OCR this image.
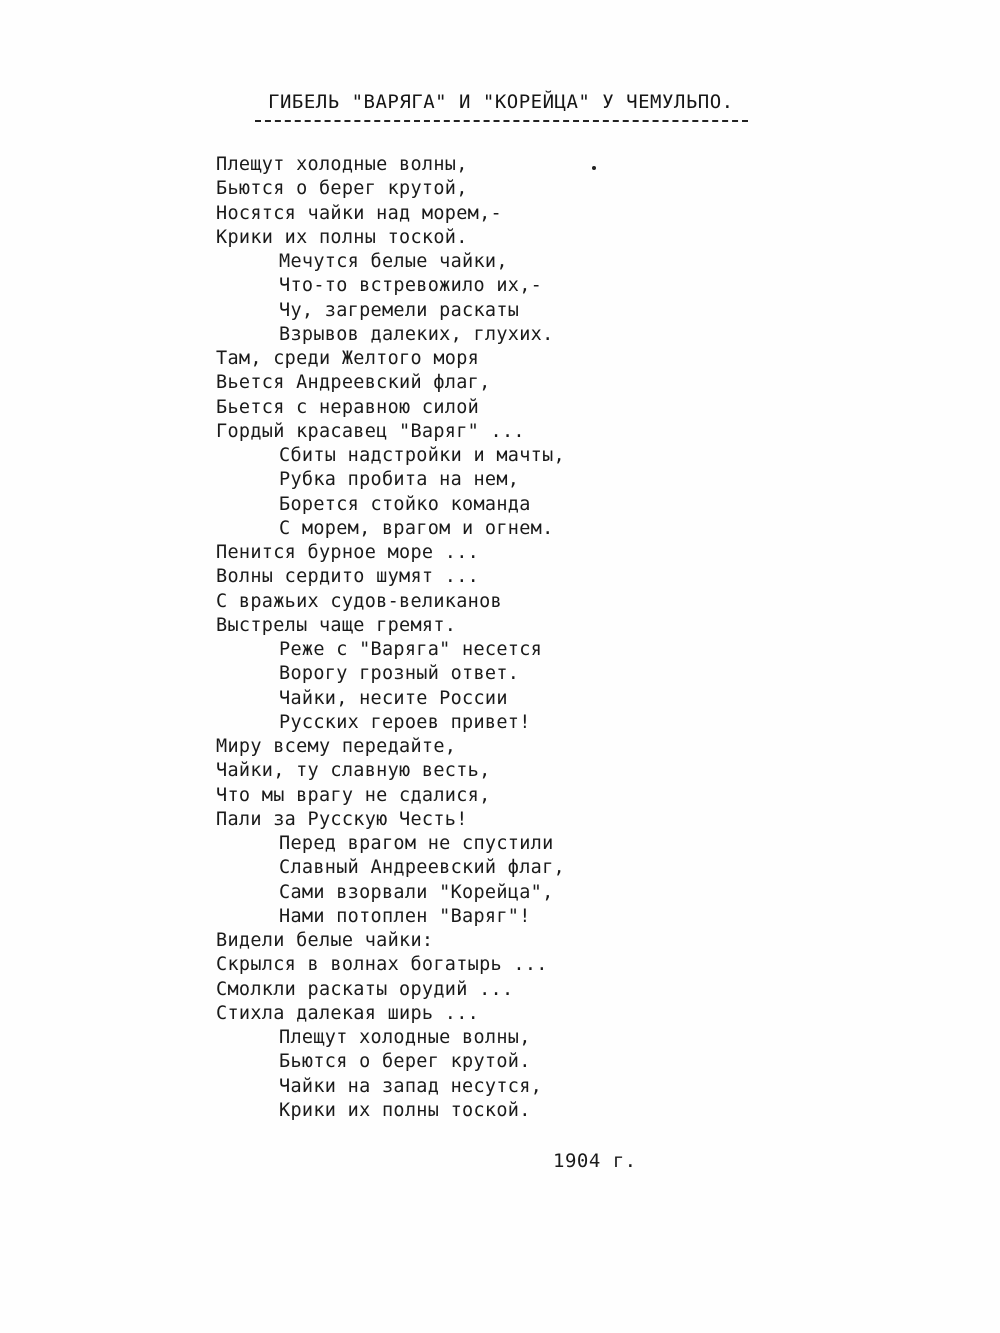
ГИБЕЛЬ "ВАРЯГА" И "КОРЕЙЦА" У ЧЕМУЛЬПО.
Плещут холодные волны,
Бьются о берег крутой,
Носятся чайки над морем,-
Крики их полны тоской.
Мечутся белые чайки,
Что-то встревожило их,-
Чу, загремели раскаты
Взрывов далеких, глухих.
Там, среди Желтого моря
Вьется Андреевский флаг,
Бьется с неравною силой
Гордый красавец "Варяг" ...
Сбиты надстройки и мачты,
Рубка пробита на нем,
Борется стойко команда
С морем, врагом и огнем.
Пенится бурное море ...
Волны сердито шумят ...
С вражьих судов-великанов
Выстрелы чаще гремят.
Реже с "Варяга" несется
Ворогу грозный ответ.
Чайки, несите России
Русских героев привет!
Миру всему передайте,
Чайки, ту славную весть,
Что мы врагу не сдалися,
Пали за Русскую Честь!
Перед врагом не спустили
Славный Андреевский флаг,
Сами взорвали "Корейца",
Нами потоплен "Варяг"!
Видели белые чайки:
Скрылся в волнах богатырь ...
Смолкли раскаты орудий ...
Стихла далекая ширь ...
Плещут холодные волны,
Бьются о берег крутой.
Чайки на запад несутся,
Крики их полны тоской.
1904 г.
